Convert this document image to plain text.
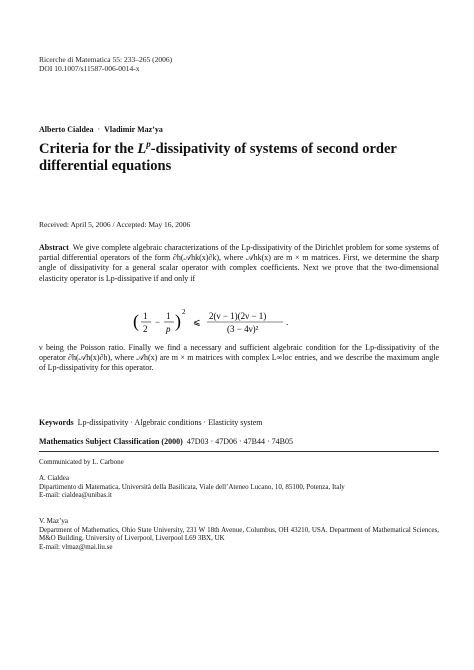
Ricerche di Matematica 55: 233–265 (2006)
DOI 10.1007/s11587-006-0014-x
Alberto Cialdea · Vladimir Maz’ya
Criteria for the $L^p$-dissipativity of systems of second order differential equations
Received: April 5, 2006 / Accepted: May 16, 2006
Abstract We give complete algebraic characterizations of the Lp-dissipativity of the Dirichlet problem for some systems of partial differential operators of the form ∂h(𝒜hk(x)∂k), where 𝒜hk(x) are m × m matrices. First, we determine the sharp angle of dissipativity for a general scalar operator with complex coefficients. Next we prove that the two-dimensional elasticity operator is Lp-dissipative if and only if
( 1
2
−
1
p ) 2
⩽
2(ν − 1)(2ν − 1)
(3 − 4ν)²
.
ν being the Poisson ratio. Finally we find a necessary and sufficient algebraic condition for the Lp-dissipativity of the operator ∂h(𝒜h(x)∂h), where 𝒜h(x) are m × m matrices with complex L∞loc entries, and we describe the maximum angle of Lp-dissipativity for this operator.
Keywords Lp-dissipativity · Algebraic conditions · Elasticity system
Mathematics Subject Classification (2000) 47D03 · 47D06 · 47B44 · 74B05
Communicated by L. Carbone
A. Cialdea
Dipartimento di Matematica, Università della Basilicata, Viale dell’Ateneo Lucano, 10, 85100, Potenza, Italy
E-mail: cialdea@unibas.it
V. Maz’ya
Department of Mathematics, Ohio State University, 231 W 18th Avenue, Columbus, OH 43210, USA. Department of Mathematical Sciences, M&O Building, University of Liverpool, Liverpool L69 3BX, UK
E-mail: vlmaz@mai.liu.se
